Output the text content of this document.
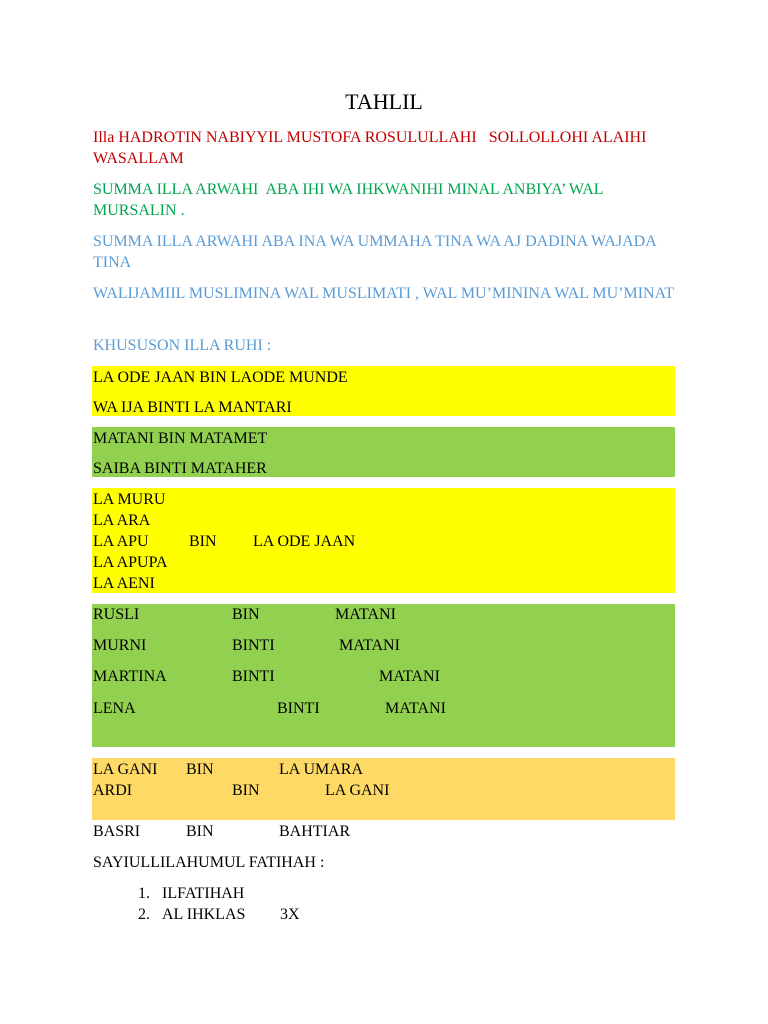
TAHLIL
Illa HADROTIN NABIYYIL MUSTOFA ROSULULLAHI   SOLLOLLOHI ALAIHI WASALLAM
SUMMA ILLA ARWAHI  ABA IHI WA IHKWANIHI MINAL ANBIYA’ WAL MURSALIN .
SUMMA ILLA ARWAHI ABA INA WA UMMAHA TINA WA AJ DADINA WAJADA TINA
WALIJAMIIL MUSLIMINA WAL MUSLIMATI , WAL MU’MININA WAL MU’MINAT
KHUSUSON ILLA RUHI :
LA ODE JAAN BIN LAODE MUNDE
WA IJA BINTI LA MANTARI
MATANI BIN MATAMET
SAIBA BINTI MATAHER
LA MURU
LA ARA
LA APU	BIN LA ODE JAAN
LA APUPA
LA AENI
RUSLI	BIN	MATANI
MURNI	BINTI	MATANI
MARTINA	BINTI	MATANI
LENA	BINTI	MATANI
LA GANI BIN	LA UMARA
ARDI	BIN	LA GANI
BASRI	BIN	BAHTIAR
SAYIULLILAHUMUL FATIHAH :
1. ILFATIHAH
2. AL IHKLAS 3X
